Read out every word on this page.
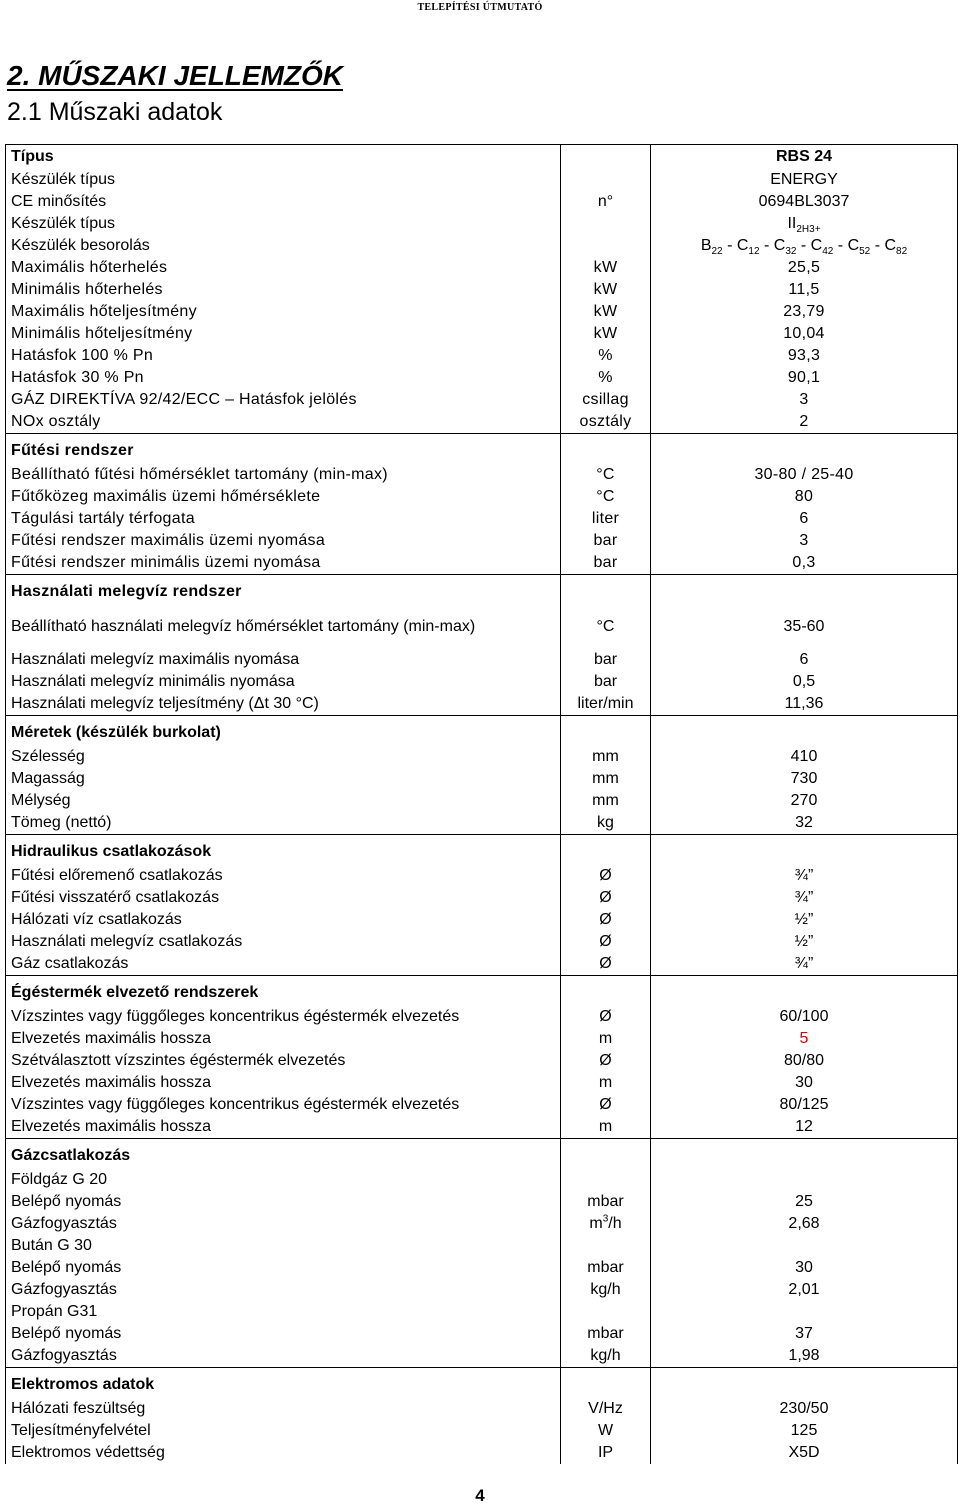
TELEPÍTÉSI ÚTMUTATÓ
2. MŰSZAKI JELLEMZŐK
2.1 Műszaki adatok
Típus		RBS 24
Készülék típus		ENERGY
CE minősítés	n°	0694BL3037
Készülék típus		$II_{2H3+}$
Készülék besorolás		$B_{22} - C_{12} - C_{32} - C_{42} - C_{52} - C_{82}$
Maximális hőterhelés	kW	25,5
Minimális hőterhelés	kW	11,5
Maximális hőteljesítmény	kW	23,79
Minimális hőteljesítmény	kW	10,04
Hatásfok 100 % Pn	%	93,3
Hatásfok 30 % Pn	%	90,1
GÁZ DIREKTÍVA 92/42/ECC – Hatásfok jelölés	csillag	3
NOx osztály	osztály	2
Fűtési rendszer		
Beállítható fűtési hőmérséklet tartomány (min-max)	°C	30-80 / 25-40
Fűtőközeg maximális üzemi hőmérséklete	°C	80
Tágulási tartály térfogata	liter	6
Fűtési rendszer maximális üzemi nyomása	bar	3
Fűtési rendszer minimális üzemi nyomása	bar	0,3
Használati melegvíz rendszer		
Beállítható használati melegvíz hőmérséklet tartomány (min-max)	°C	35-60
Használati melegvíz maximális nyomása	bar	6
Használati melegvíz minimális nyomása	bar	0,5
Használati melegvíz teljesítmény (Δt 30 °C)	liter/min	11,36
Méretek (készülék burkolat)		
Szélesség	mm	410
Magasság	mm	730
Mélység	mm	270
Tömeg (nettó)	kg	32
Hidraulikus csatlakozások		
Fűtési előremenő csatlakozás	Ø	¾”
Fűtési visszatérő csatlakozás	Ø	¾”
Hálózati víz csatlakozás	Ø	½”
Használati melegvíz csatlakozás	Ø	½”
Gáz csatlakozás	Ø	¾”
Égéstermék elvezető rendszerek		
Vízszintes vagy függőleges koncentrikus égéstermék elvezetés	Ø	60/100
Elvezetés maximális hossza	m	5
Szétválasztott vízszintes égéstermék elvezetés	Ø	80/80
Elvezetés maximális hossza	m	30
Vízszintes vagy függőleges koncentrikus égéstermék elvezetés	Ø	80/125
Elvezetés maximális hossza	m	12
Gázcsatlakozás		
Földgáz G 20		
Belépő nyomás	mbar	25
Gázfogyasztás	$m^3/h$	2,68
Bután G 30		
Belépő nyomás	mbar	30
Gázfogyasztás	kg/h	2,01
Propán G31		
Belépő nyomás	mbar	37
Gázfogyasztás	kg/h	1,98
Elektromos adatok		
Hálózati feszültség	V/Hz	230/50
Teljesítményfelvétel	W	125
Elektromos védettség	IP	X5D
4
